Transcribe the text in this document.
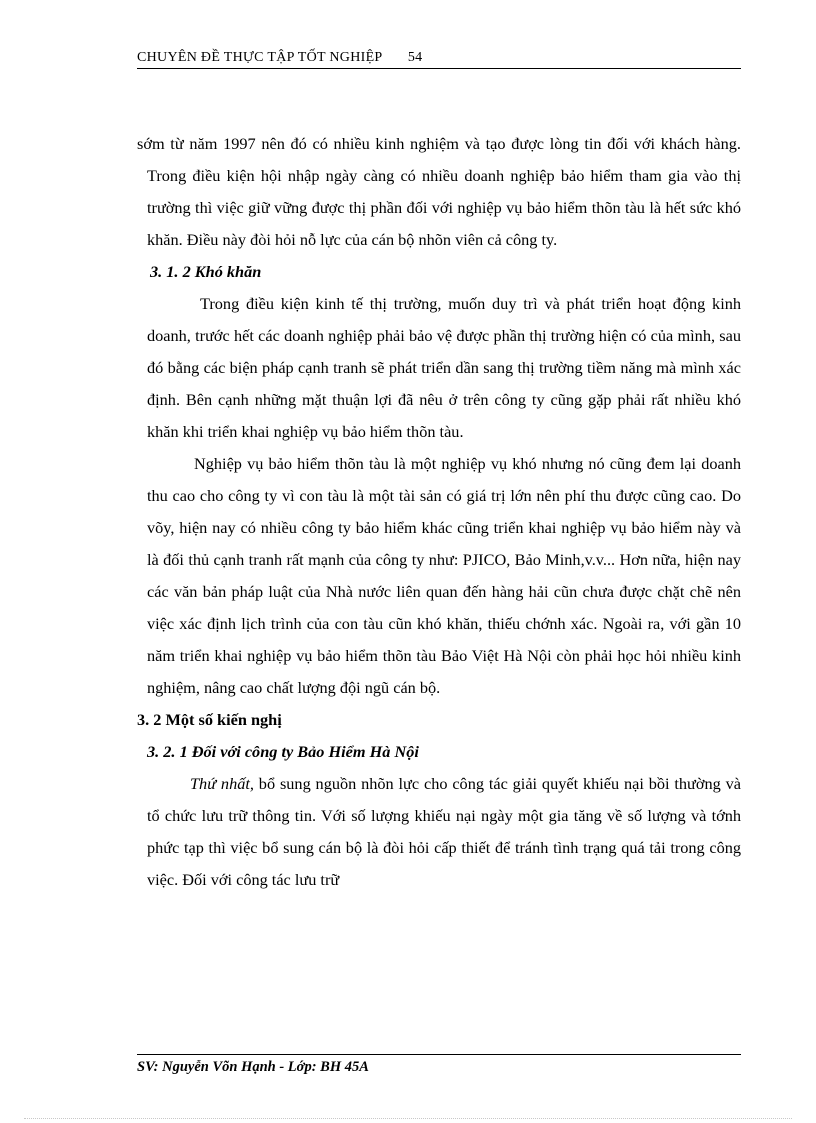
CHUYÊN ĐỀ THỰC TẬP TỐT NGHIỆP 54

sớm từ năm 1997 nên đó có nhiều kinh nghiệm và tạo được lòng tin đối với khách hàng. Trong điều kiện hội nhập ngày càng có nhiều doanh nghiệp bảo hiểm tham gia vào thị trường thì việc giữ vững được thị phần đối với nghiệp vụ bảo hiểm thõn tàu là hết sức khó khăn. Điều này đòi hỏi nỗ lực của cán bộ nhõn viên cả công ty.

3. 1. 2 Khó khăn

Trong điều kiện kinh tế thị trường, muốn duy trì và phát triển hoạt động kinh doanh, trước hết các doanh nghiệp phải bảo vệ được phần thị trường hiện có của mình, sau đó bằng các biện pháp cạnh tranh sẽ phát triển dần sang thị trường tiềm năng mà mình xác định. Bên cạnh những mặt thuận lợi đã nêu ở trên công ty cũng gặp phải rất nhiều khó khăn khi triển khai nghiệp vụ bảo hiểm thõn tàu.

Nghiệp vụ bảo hiểm thõn tàu là một nghiệp vụ khó nhưng nó cũng đem lại doanh thu cao cho công ty vì con tàu là một tài sản có giá trị lớn nên phí thu được cũng cao. Do võy, hiện nay có nhiều công ty bảo hiểm khác cũng triển khai nghiệp vụ bảo hiểm này và là đối thủ cạnh tranh rất mạnh của công ty như: PJICO, Bảo Minh,v.v... Hơn nữa, hiện nay các văn bản pháp luật của Nhà nước liên quan đến hàng hải cũn chưa được chặt chẽ nên việc xác định lịch trình của con tàu cũn khó khăn, thiếu chớnh xác. Ngoài ra, với gần 10 năm triển khai nghiệp vụ bảo hiểm thõn tàu Bảo Việt Hà Nội còn phải học hỏi nhiều kinh nghiệm, nâng cao chất lượng đội ngũ cán bộ.

3. 2 Một số kiến nghị

3. 2. 1 Đối với công ty Bảo Hiểm Hà Nội

Thứ nhất, bổ sung nguồn nhõn lực cho công tác giải quyết khiếu nại bồi thường và tổ chức lưu trữ thông tin. Với số lượng khiếu nại ngày một gia tăng về số lượng và tớnh phức tạp thì việc bổ sung cán bộ là đòi hỏi cấp thiết để tránh tình trạng quá tải trong công việc. Đối với công tác lưu trữ

SV: Nguyễn Võn Hạnh - Lớp: BH 45A
